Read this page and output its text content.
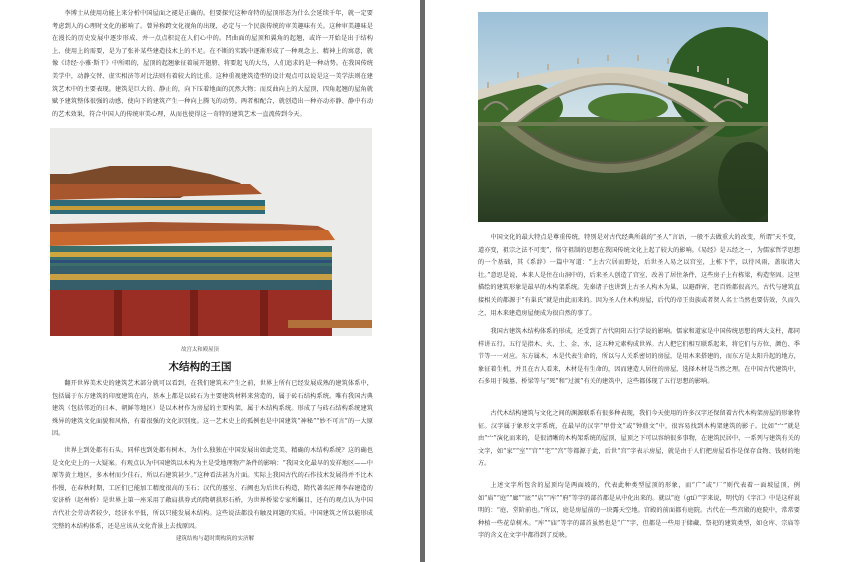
李博士从使用功能上来分析中国屋面之褪是正确的。但要探究这种奇特的屋顶形态为什么会延续千年，就一定要考虑到人的心理时文化的影响了。曾异称跨文化视角的出现，必定与一个民族传统的审美趣味有关。这种审美趣味是在漫长的历史发展中逐步形成、并一点点积淀在人们心中的。凹曲面的屋顶和翼角的起翘，或许一开始是出于结构上、使用上的需要，是为了张补某些建造技术上的不足。在不断的实践中逐渐形成了一种观念上、精神上的寓意，就像《诗经·小雅·斯干》中所唱的，屋顶的起翘象征着展开翅膀、将要起飞的大鸟，人们追求的是一种动势。在我国传统美学中，动静交替、虚实相济等对比法则有着较大的比重。这种重视建筑造型的设计观点可以说是这一美学法则在建筑艺术中的主要表现。建筑是巨大的、静止的，向下压着地面的沉然大物；而反曲向上的大屋顶，四角起翘的屋角就赋予建筑整体很强的动感，使向下的建筑产生一种向上腾飞的动势。两者相配合，就创造出一种亦动亦静、静中有动的艺术效果，符合中国人的传统审美心理，从而也使得这一奇特的建筑艺术一直流传到今天。

故宫太和殿屋顶
木结构的王国

翻开世界美术史的建筑艺术部分就可以看到，在我们建筑未产生之前，世界上所有已经发展成熟的建筑体系中，包括属于东方建筑的印度建筑在内，基本上都是以砖石为主要建筑材料来营造的，属于砖石结构系统。唯有我国古典建筑（包括邻近的日本、朝鲜等地区）是以木材作为房屋的主要构架，属于木结构系统。形成了与砖石结构系统建筑殊异的建筑文化面貌和风格，有着很强的文化识别度。这一艺术史上的孤例也是中国建筑“神秘”“妙不可言”的一大原因。

世界上到处都有石头，同样也到处都有树木，为什么独独在中国发展出如此完美、精确的木结构系统？这的确也是文化史上的一大疑案。有观点认为中国建筑以木构为主是受地理物产条件的影响：“我国文化最早的发祥地区——中原等黄土地区，多木材而少佳石，所以石建筑甚少。”这种看法甚为片面。实际上我国古代的石作技术发展得并不比木作慢，在春秋时期，工匠们已能加工精度很高的玉石；汉代的墓室、石阙也为后世石构造，隋代著名匠师李春建造的安济桥（赵州桥）是世界上第一座采用了敞肩拱券式的隋朝拱形石桥，为世界桥梁专家所瞩目，还有的观点认为中国古代社会劳动者较少，经济水平低，所以只能发展木结构。这些说法都没有触及问题的实质。中国建筑之所以能形成完整的木结构体系，还是应该从文化背景上去找原因。

建筑结构与超时期构筑的实济解

中国文化的最大特点是尊重传统，特别是对古代经典所载的“圣人”言语，一般不去做重大的改变，所谓“天不变，道亦变，祖宗之法不可变”，恪守祖制的思想在我国传统文化上起了较大的影响。《易经》是五经之一，为儒家哲学思想的一个基础，其《系辞》一篇中写道：“上古穴居而野处，后世圣人易之以宫室，上栋下宇，以待风雨，盖取诸大壮。”意思是说，本来人是住在山洞中的，后来圣人创造了宫室，改善了居住条件，这些房子上有栋梁，构造坚固。这里描绘的建筑形象是最早的木构架系统。先秦诸子也讲到上古圣人构木为巢，以避群害，老百姓都很高兴。古代与建筑直接相关的都源于“有巢氏”就是由此而来的。因为圣人住木构房屋，后代的帝王贵族或者贤人名士当然也要仿效，久而久之，用木来建造房屋便成为很自然的事了。

我国古建筑木结构体系的形成，还受到了古代阴阳五行学说的影响。儒家和道家是中国传统思想的两大支柱，都同样讲五行。五行是指木、火、土、金、水，这五种元素构成世界。古人把它们相互联系起来，将它们与方位、颜色、季节等一一对应。东方属木，木是代表生命的，所以与人关系密切的房屋，是用木来搭建的，而东方是太阳升起的地方，象征着生机，并且在古人看来，木材是有生命的，因而建造人居住的房屋，选择木材是当然之理。在中国古代建筑中，石多用于陵墓、桥梁等与“死”和“过渡”有关的建筑中，这些都体现了五行思想的影响。

古代木结构建筑与文化之间的渊源联系有很多种表现，我们今天使用的许多汉字还保留着古代木构架房屋的形象特征。汉字属于象形文字系统，在最早的汉字“甲骨文”或“钟鼎文”中，很容易找到木构架建筑的影子。比如“宀”就是由“宀”演化而来的，是很清晰的木构架系统的屋顶，屋顶之下可以容纳很多事物，在建筑民居中，一系列与建筑有关的文字，如“家”“室”“宫”“宅”“宫”等都源于此，后世“宫”字表示房屋，就是由于人们把房屋看作是保存食物、钱财的地方。

上述文字所包含的屋顶均是两面坡的，代表此种类型屋顶的形象，而“广”或“厂”则代表着一面坡屋顶，例如“庙”“庭”“廊”“底”“店”“库”“府”等字的部首都是从中化出来的。就以“庭（gtí）”字来说，明代的《字汇》中是这样说明的：“庭，堂阶前也。”所以，庭是房屋前的一块露天空地。宫殿的前面都有庭院。古代在一些宫殿的庭院中，常常要种植一些花草树木。“库”“庙”等字的部首虽然也是“广”字，但都是一些用于储藏、祭祀的建筑类型，如仓库、宗庙等字的含义在文字中都得到了反映。
